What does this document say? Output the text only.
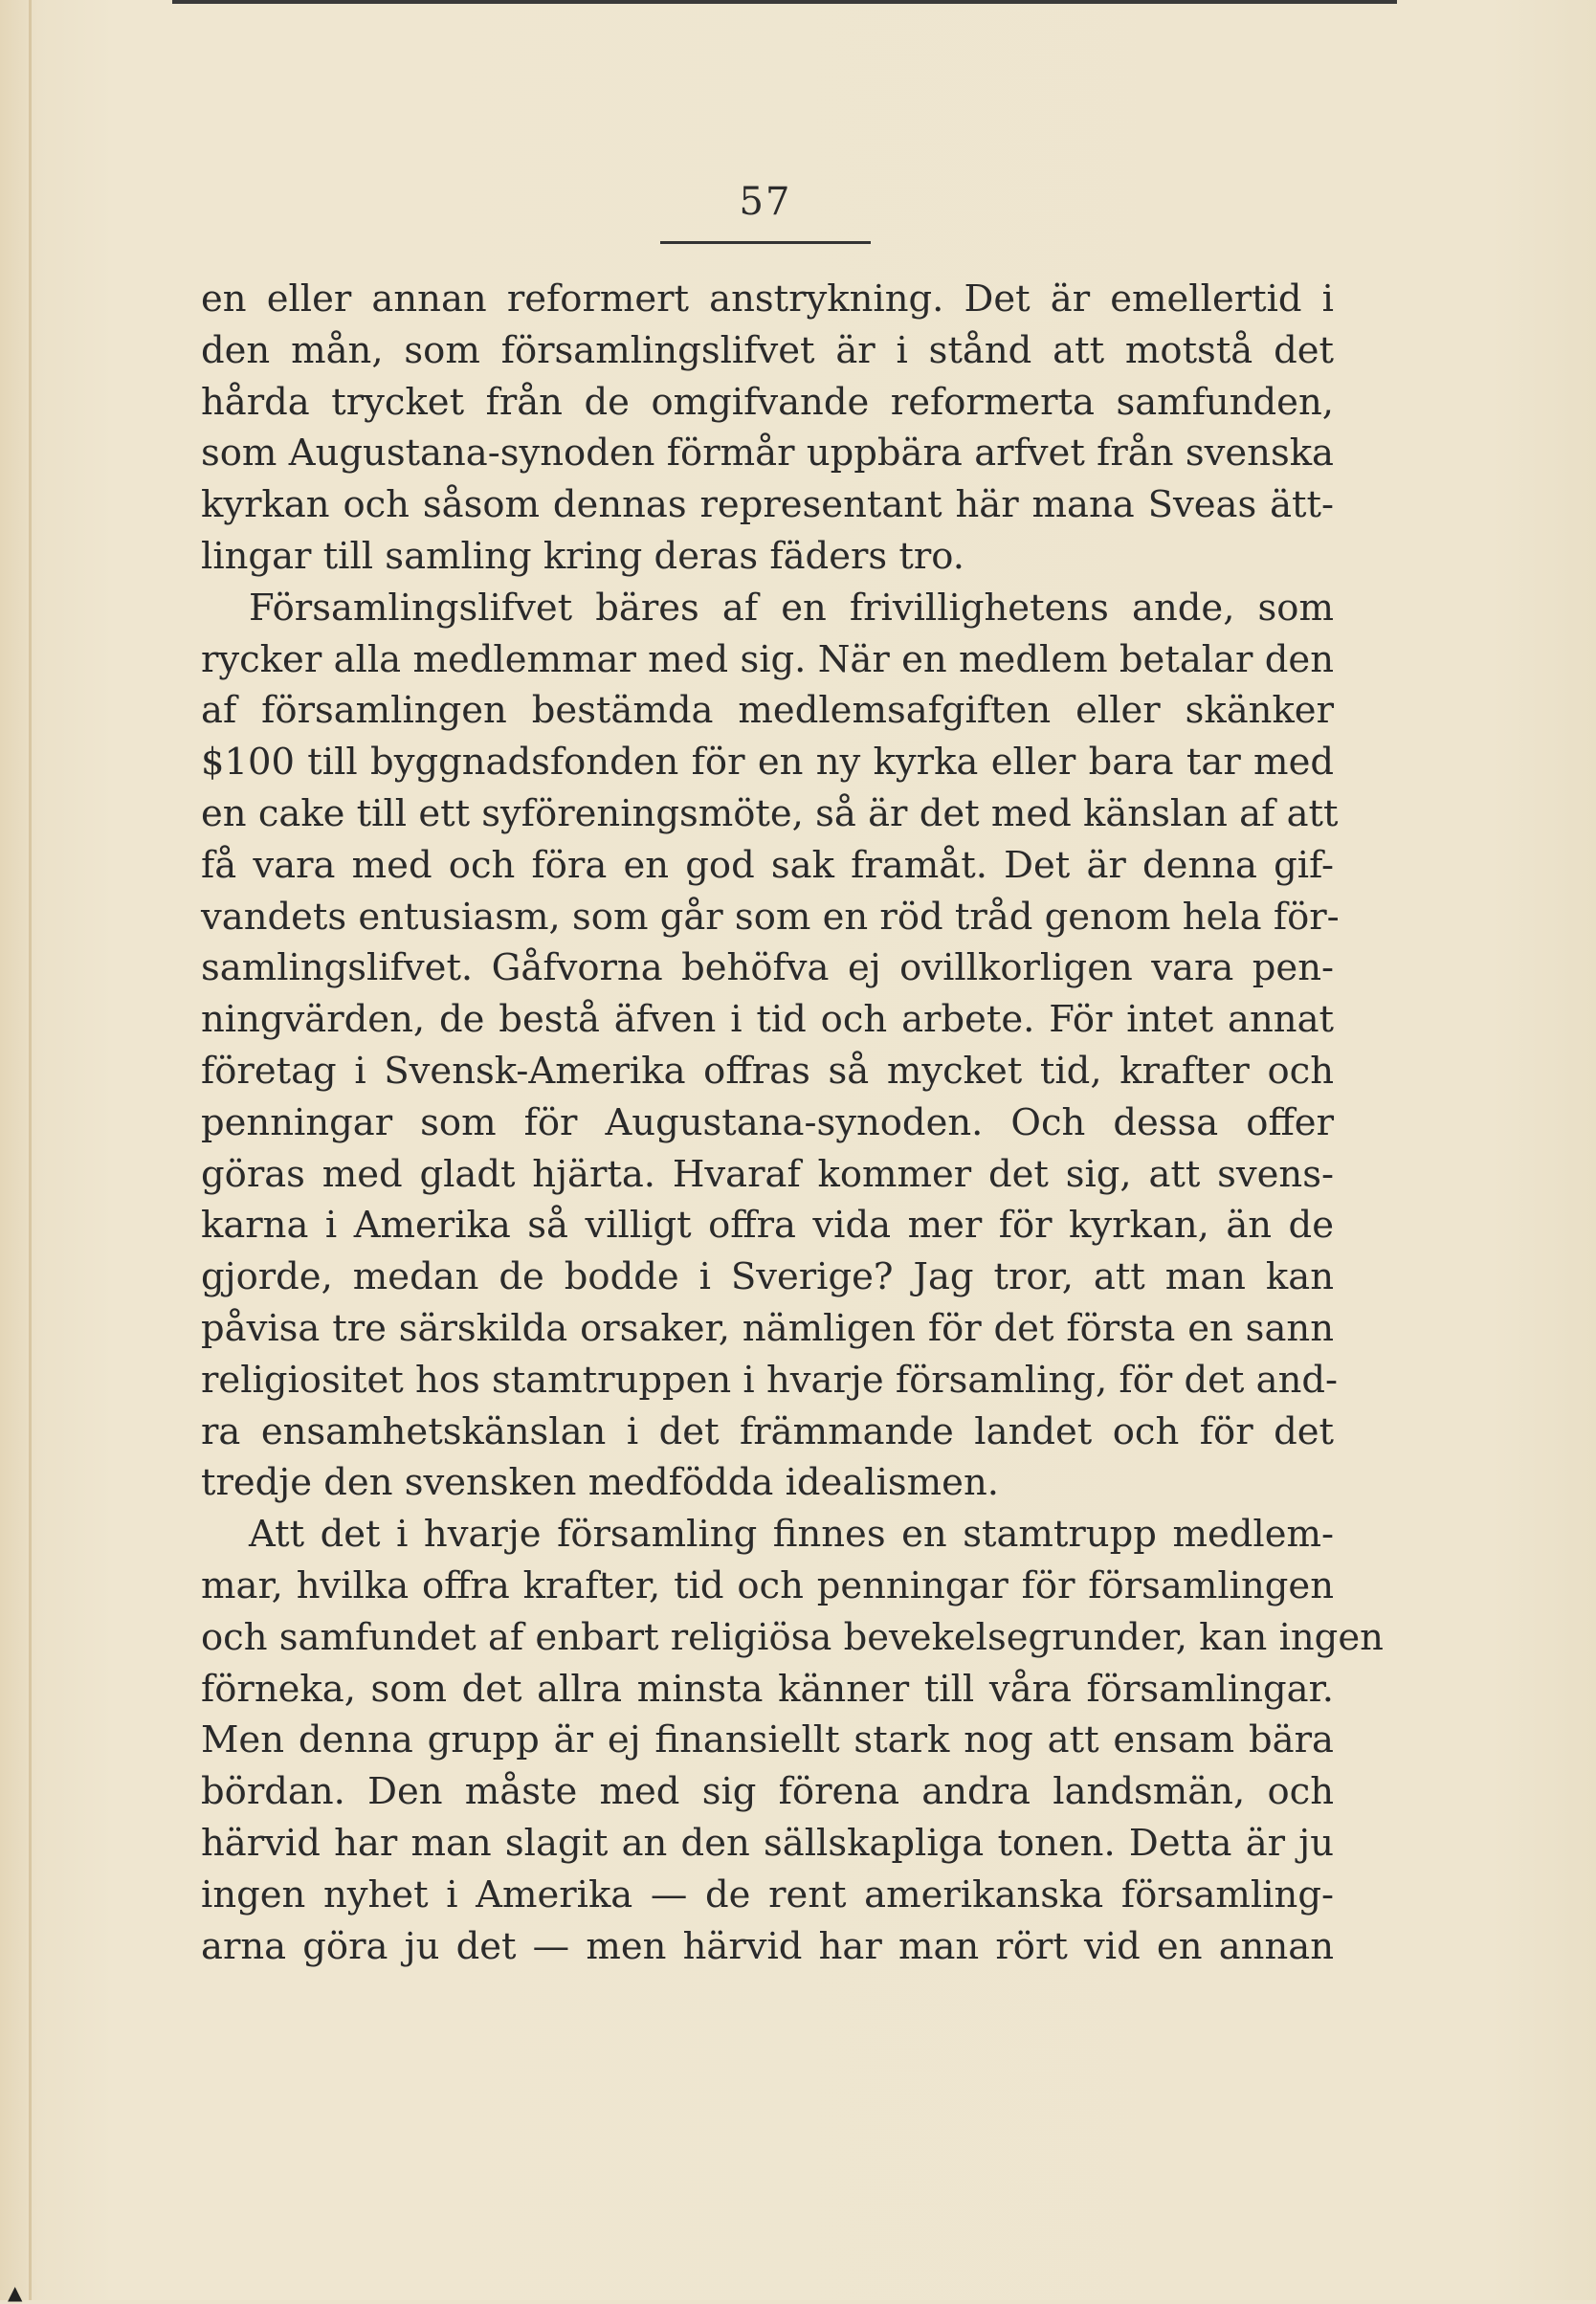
57
en eller annan reformert anstrykning. Det är emellertid i
den mån, som församlingslifvet är i stånd att motstå det
hårda trycket från de omgifvande reformerta samfunden,
som Augustana-synoden förmår uppbära arfvet från svenska
kyrkan och såsom dennas representant här mana Sveas ätt-
lingar till samling kring deras fäders tro.
Församlingslifvet bäres af en frivillighetens ande, som
rycker alla medlemmar med sig. När en medlem betalar den
af församlingen bestämda medlemsafgiften eller skänker
$100 till byggnadsfonden för en ny kyrka eller bara tar med
en cake till ett syföreningsmöte, så är det med känslan af att
få vara med och föra en god sak framåt. Det är denna gif-
vandets entusiasm, som går som en röd tråd genom hela för-
samlingslifvet. Gåfvorna behöfva ej ovillkorligen vara pen-
ningvärden, de bestå äfven i tid och arbete. För intet annat
företag i Svensk-Amerika offras så mycket tid, krafter och
penningar som för Augustana-synoden. Och dessa offer
göras med gladt hjärta. Hvaraf kommer det sig, att svens-
karna i Amerika så villigt offra vida mer för kyrkan, än de
gjorde, medan de bodde i Sverige? Jag tror, att man kan
påvisa tre särskilda orsaker, nämligen för det första en sann
religiositet hos stamtruppen i hvarje församling, för det and-
ra ensamhetskänslan i det främmande landet och för det
tredje den svensken medfödda idealismen.
Att det i hvarje församling finnes en stamtrupp medlem-
mar, hvilka offra krafter, tid och penningar för församlingen
och samfundet af enbart religiösa bevekelsegrunder, kan ingen
förneka, som det allra minsta känner till våra församlingar.
Men denna grupp är ej finansiellt stark nog att ensam bära
bördan. Den måste med sig förena andra landsmän, och
härvid har man slagit an den sällskapliga tonen. Detta är ju
ingen nyhet i Amerika — de rent amerikanska församling-
arna göra ju det — men härvid har man rört vid en annan
▲
